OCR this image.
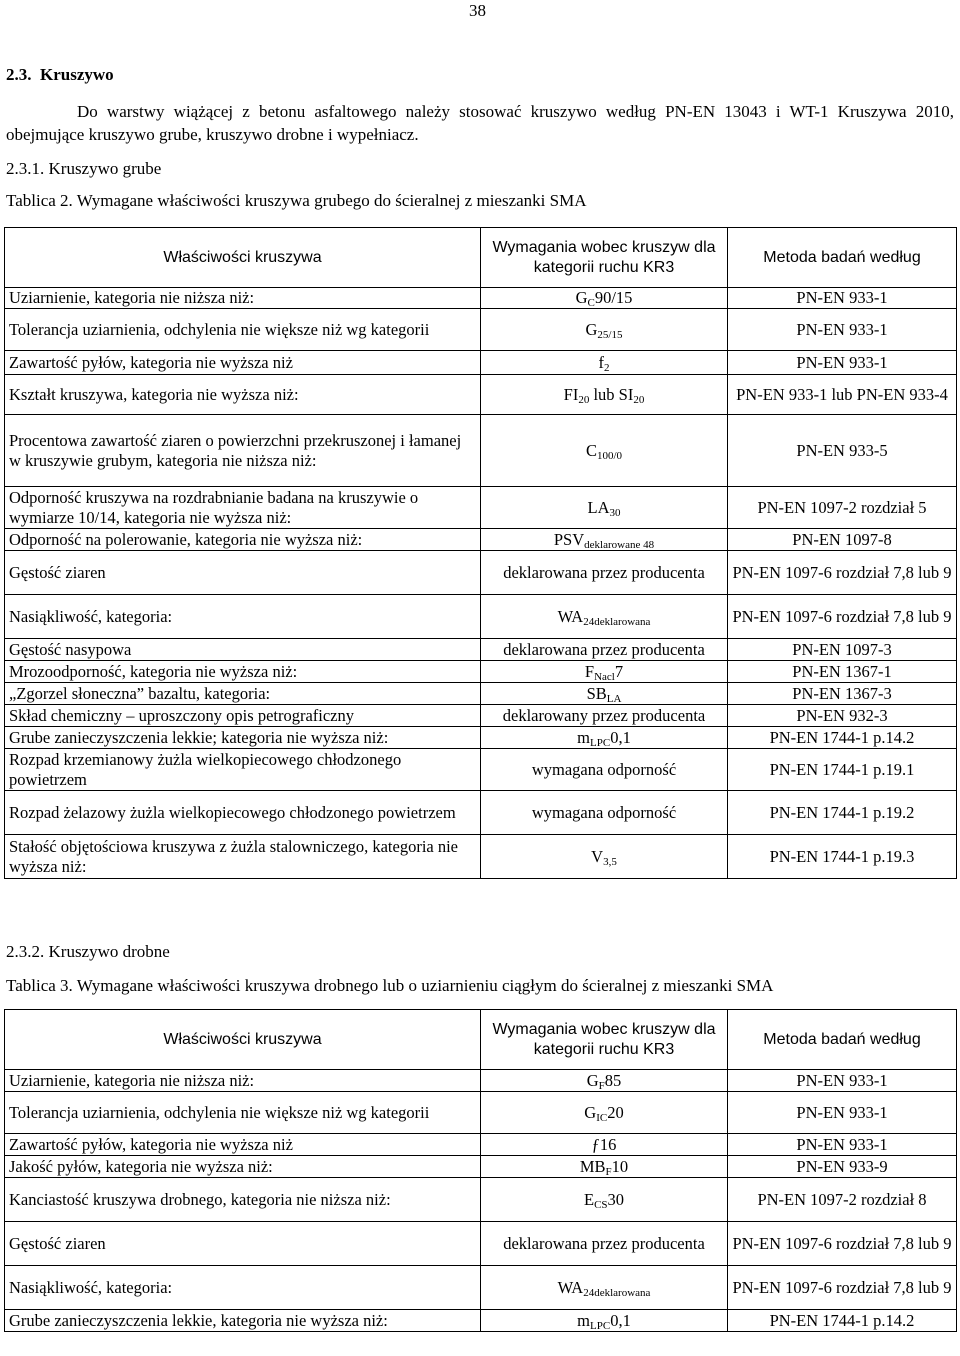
38
2.3. Kruszywo
Do warstwy wiążącej z betonu asfaltowego należy stosować kruszywo według PN-EN 13043 i WT-1 Kruszywa 2010, obejmujące kruszywo grube, kruszywo drobne i wypełniacz.
2.3.1. Kruszywo grube
Tablica 2. Wymagane właściwości kruszywa grubego do ścieralnej z mieszanki SMA
Właściwości kruszywa	Wymagania wobec kruszyw dla kategorii ruchu KR3	Metoda badań według
Uziarnienie, kategoria nie niższa niż:	$G_C90/15$	PN-EN 933-1
Tolerancja uziarnienia, odchylenia nie większe niż wg kategorii	$G_{25/15}$	PN-EN 933-1
Zawartość pyłów, kategoria nie wyższa niż	$f_2$	PN-EN 933-1
Kształt kruszywa, kategoria nie wyższa niż:	$FI_{20}$ lub $SI_{20}$	PN-EN 933-1 lub PN-EN 933-4
Procentowa zawartość ziaren o powierzchni przekruszonej i łamanej w kruszywie grubym, kategoria nie niższa niż:	$C_{100/0}$	PN-EN 933-5
Odporność kruszywa na rozdrabnianie badana na kruszywie o wymiarze 10/14, kategoria nie wyższa niż:	$LA_{30}$	PN-EN 1097-2 rozdział 5
Odporność na polerowanie, kategoria nie wyższa niż:	$PSV_{deklarowane 48}$	PN-EN 1097-8
Gęstość ziaren	deklarowana przez producenta	PN-EN 1097-6 rozdział 7,8 lub 9
Nasiąkliwość, kategoria:	$WA_{24deklarowana}$	PN-EN 1097-6 rozdział 7,8 lub 9
Gęstość nasypowa	deklarowana przez producenta	PN-EN 1097-3
Mrozoodporność, kategoria nie wyższa niż:	$F_{Nacl}7$	PN-EN 1367-1
„Zgorzel słoneczna” bazaltu, kategoria:	$SB_{LA}$	PN-EN 1367-3
Skład chemiczny – uproszczony opis petrograficzny	deklarowany przez producenta	PN-EN 932-3
Grube zanieczyszczenia lekkie; kategoria nie wyższa niż:	$m_{LPC}0,1$	PN-EN 1744-1 p.14.2
Rozpad krzemianowy żużla wielkopiecowego chłodzonego powietrzem	wymagana odporność	PN-EN 1744-1 p.19.1
Rozpad żelazowy żużla wielkopiecowego chłodzonego powietrzem	wymagana odporność	PN-EN 1744-1 p.19.2
Stałość objętościowa kruszywa z żużla stalowniczego, kategoria nie wyższa niż:	$V_{3,5}$	PN-EN 1744-1 p.19.3
2.3.2. Kruszywo drobne
Tablica 3. Wymagane właściwości kruszywa drobnego lub o uziarnieniu ciągłym do ścieralnej z mieszanki SMA
Właściwości kruszywa	Wymagania wobec kruszyw dla kategorii ruchu KR3	Metoda badań według
Uziarnienie, kategoria nie niższa niż:	$G_F85$	PN-EN 933-1
Tolerancja uziarnienia, odchylenia nie większe niż wg kategorii	$G_{IC}20$	PN-EN 933-1
Zawartość pyłów, kategoria nie wyższa niż	ƒ16	PN-EN 933-1
Jakość pyłów, kategoria nie wyższa niż:	$MB_F10$	PN-EN 933-9
Kanciastość kruszywa drobnego, kategoria nie niższa niż:	$E_{CS}30$	PN-EN 1097-2 rozdział 8
Gęstość ziaren	deklarowana przez producenta	PN-EN 1097-6 rozdział 7,8 lub 9
Nasiąkliwość, kategoria:	$WA_{24deklarowana}$	PN-EN 1097-6 rozdział 7,8 lub 9
Grube zanieczyszczenia lekkie, kategoria nie wyższa niż:	$m_{LPC}0,1$	PN-EN 1744-1 p.14.2
